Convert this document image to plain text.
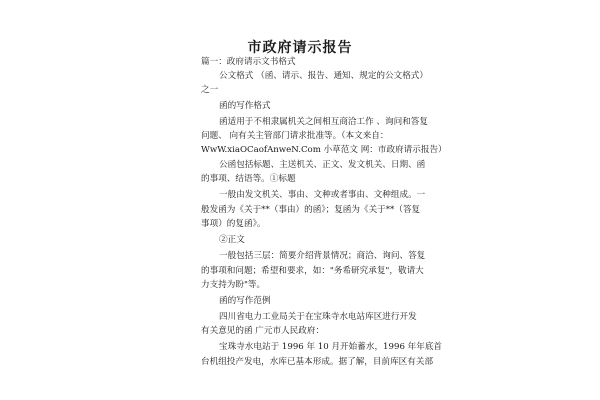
市政府请示报告
篇一：政府请示文书格式
公文格式 （函、请示、报告、通知、规定的公文格式）
之一
函的写作格式
函适用于不相隶属机关之间相互商洽工作 、询问和答复
问题、 向有关主管部门请求批准等。（本文来自：
WwW.xiaOCaofAnweN.Com 小草范文 网：市政府请示报告）
公函包括标题、主送机关、正文、发文机关、日期、函
的事项、结语等。①标题
一般由发文机关、事由、文种或者事由、文种组成。一
般发函为《关于**（事由）的函》；复函为《关于**（答复
事项）的复函》。
②正文
一般包括三层：简要介绍背景情况；商洽、询问、答复
的事项和问题；希望和要求，如："务希研究承复"，敬请大
力支持为盼"等。
函的写作范例
四川省电力工业局关于在宝珠寺水电站库区进行开发
有关意见的函 广元市人民政府：
宝珠寺水电站于 1996 年 10 月开始蓄水，1996 年年底首
台机组投产发电，水库已基本形成。据了解，目前库区有关部
